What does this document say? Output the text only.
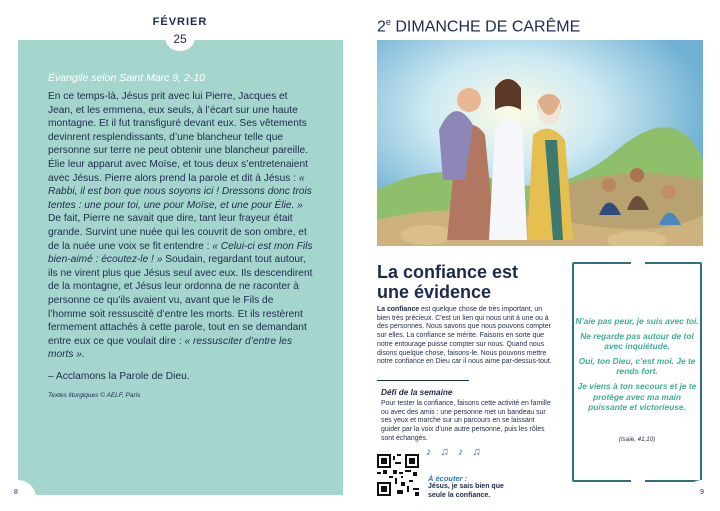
Évangile selon Saint Marc 9, 2-10
En ce temps-là, Jésus prit avec lui Pierre, Jacques et Jean, et les emmena, eux seuls, à l’écart sur une haute montagne. Et il fut transfiguré devant eux. Ses vêtements devinrent resplendissants, d’une blancheur telle que personne sur terre ne peut obtenir une blancheur pareille. Élie leur apparut avec Moïse, et tous deux s’entretenaient avec Jésus. Pierre alors prend la parole et dit à Jésus : « Rabbi, il est bon que nous soyons ici ! Dressons donc trois tentes : une pour toi, une pour Moïse, et une pour Élie. » De fait, Pierre ne savait que dire, tant leur frayeur était grande. Survint une nuée qui les couvrit de son ombre, et de la nuée une voix se fit entendre : « Celui-ci est mon Fils bien-aimé : écoutez-le ! » Soudain, regardant tout autour, ils ne virent plus que Jésus seul avec eux. Ils descendirent de la montagne, et Jésus leur ordonna de ne raconter à personne ce qu’ils avaient vu, avant que le Fils de l’homme soit ressuscité d’entre les morts. Et ils restèrent fermement attachés à cette parole, tout en se demandant entre eux ce que voulait dire : « ressusciter d’entre les morts ».
– Acclamons la Parole de Dieu.
Textes liturgiques © AELF, Paris
FÉVRIER
25
8
2e DIMANCHE DE CARÊME
La confiance est une évidence
La confiance est quelque chose de très important, un bien très précieux. C’est un lien qui nous unit à une ou à des personnes. Nous savons que nous pouvons compter sur elles. La confiance se mérite. Faisons en sorte que notre entourage puisse compter sur nous. Quand nous disons quelque chose, faisons-le. Nous pouvons mettre notre confiance en Dieu car il nous aime par-dessus-tout.
Défi de la semaine
Pour tester la confiance, faisons cette activité en famille ou avec des amis : une personne met un bandeau sur ses yeux et marche sur un parcours en se laissant guider par la voix d’une autre personne, puis les rôles sont échangés.
♪ ♫ ♪ ♫
À écouter :
Jésus, je sais bien que seule la confiance.

N’aie pas peur, je suis avec toi.

Ne regarde pas autour de toi avec inquiétude.

Oui, ton Dieu, c’est moi. Je te rends fort.

Je viens à ton secours et je te protège avec ma main puissante et victorieuse.

(Isaïe, 41,10)
9
